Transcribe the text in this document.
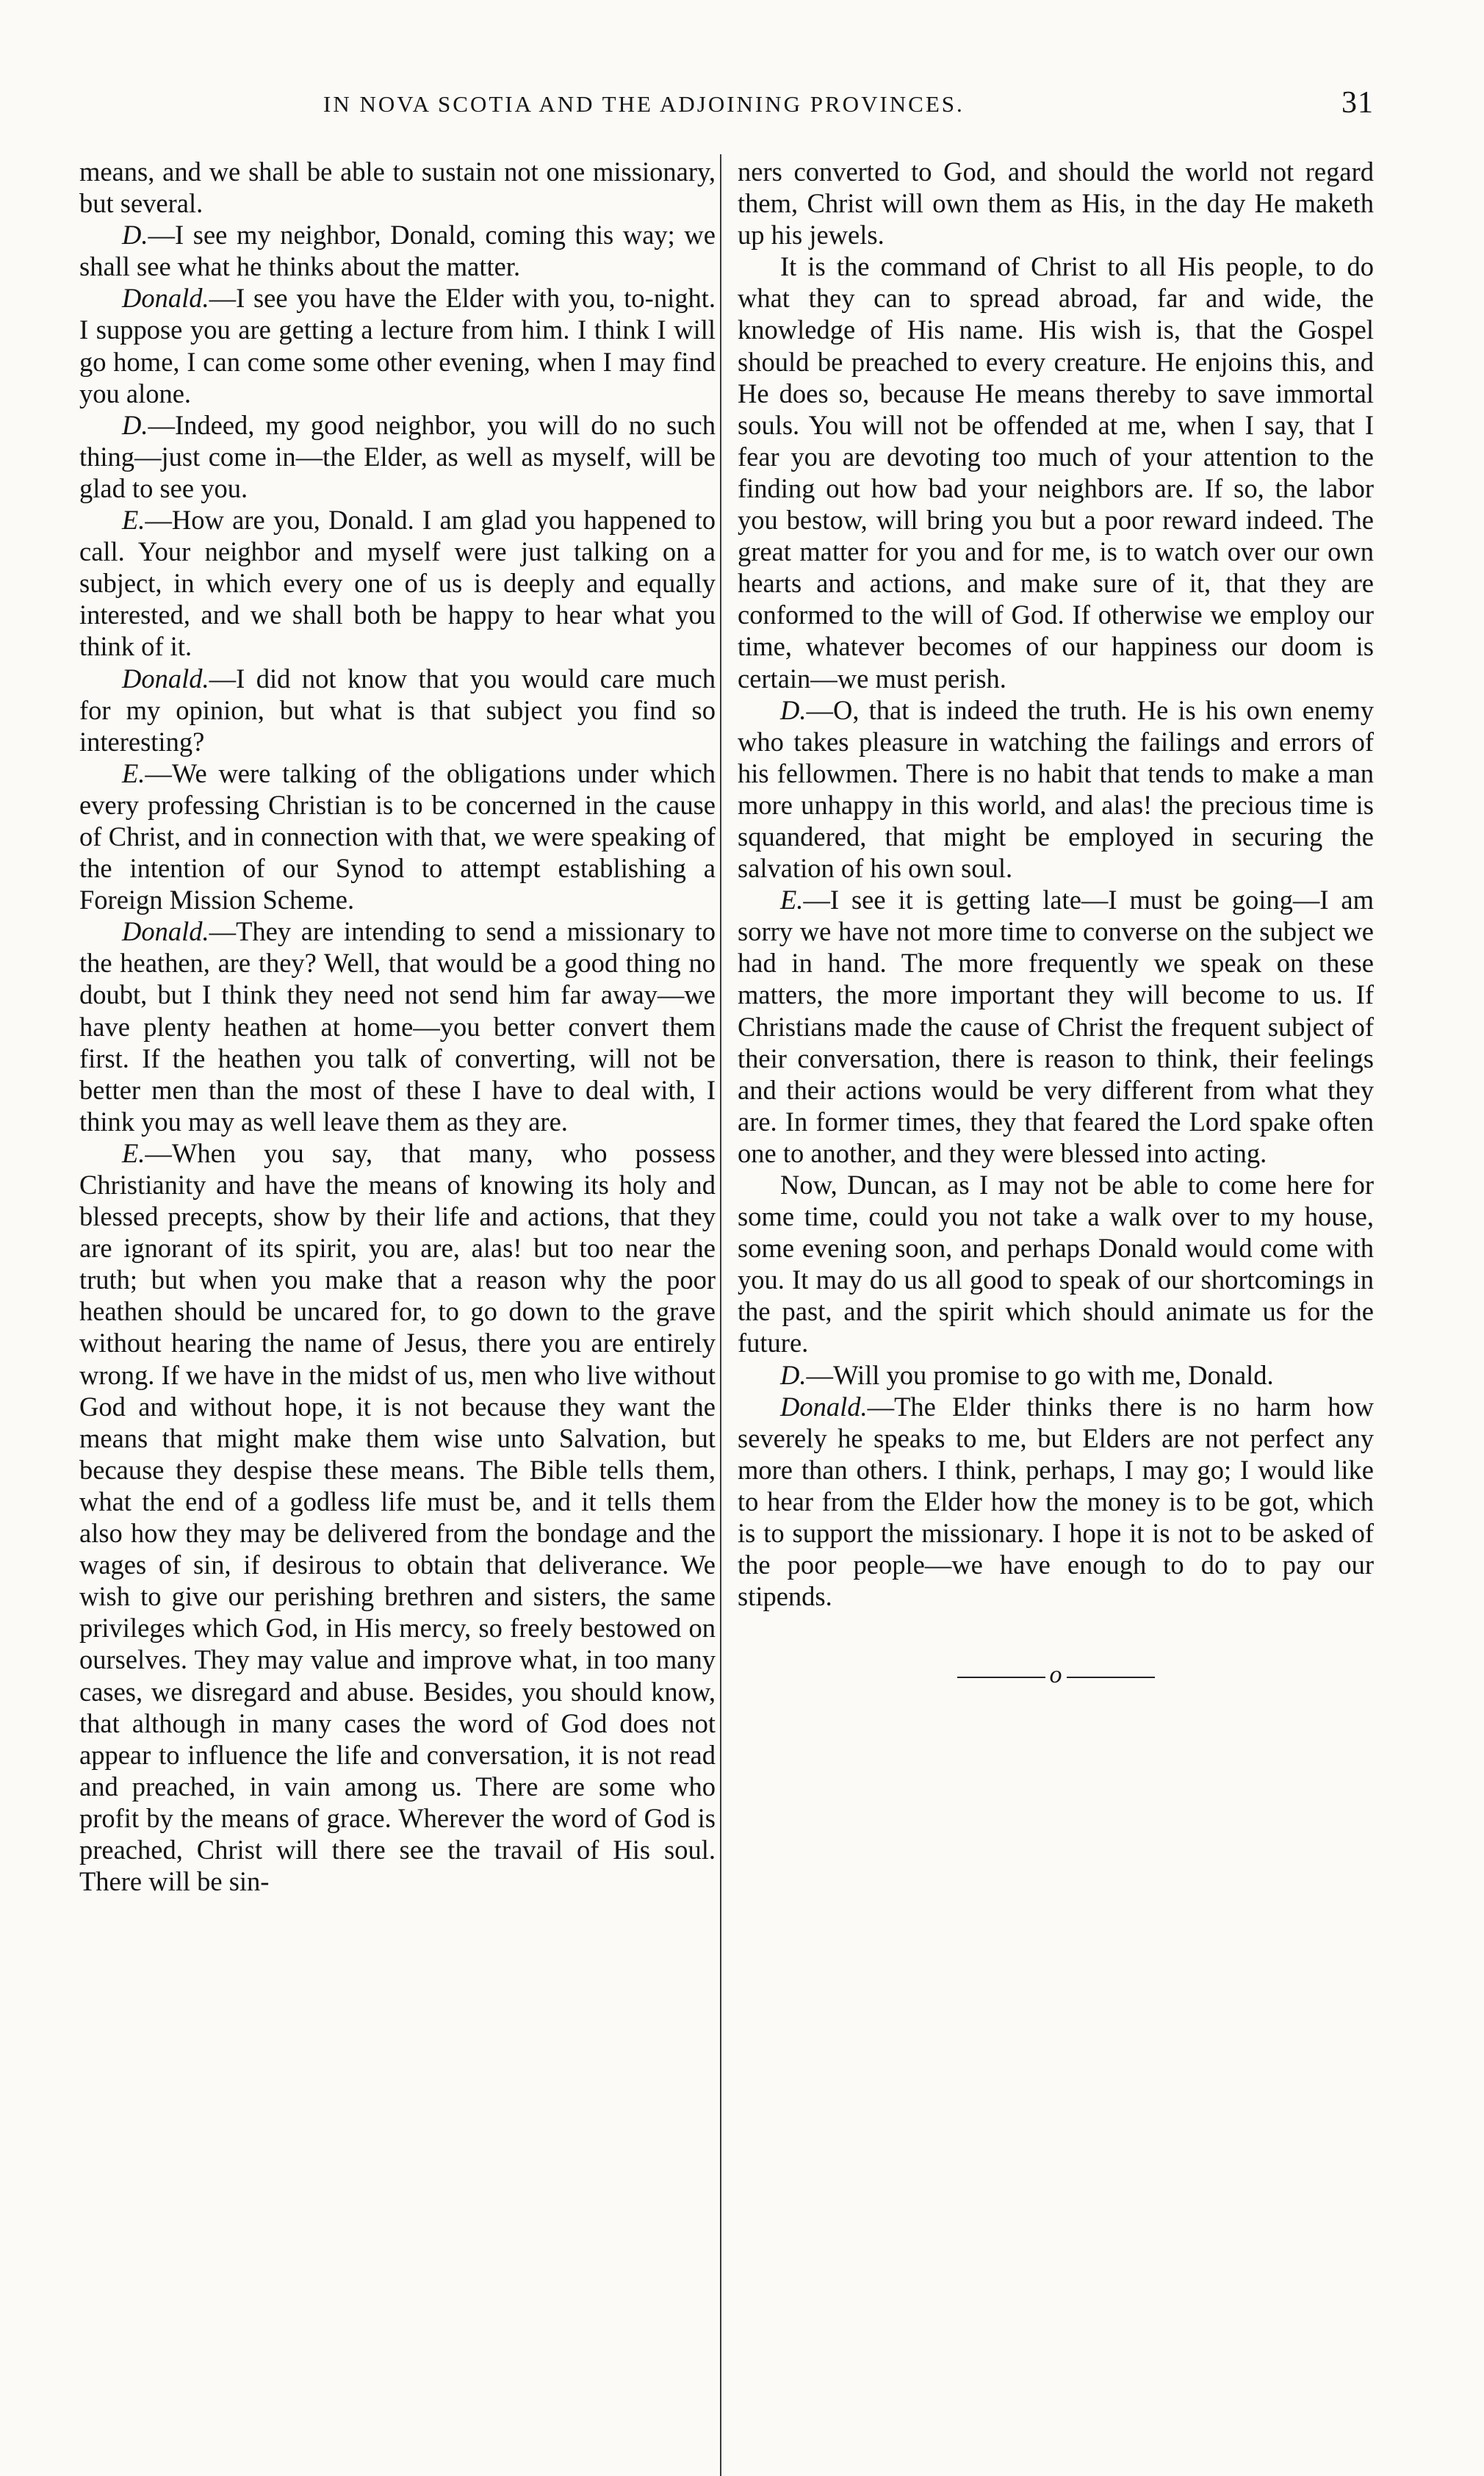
IN NOVA SCOTIA AND THE ADJOINING PROVINCES.	31

means, and we shall be able to sustain not one missionary, but several.

D.—I see my neighbor, Donald, coming this way; we shall see what he thinks about the matter.

Donald.—I see you have the Elder with you, to-night. I suppose you are getting a lecture from him. I think I will go home, I can come some other evening, when I may find you alone.

D.—Indeed, my good neighbor, you will do no such thing—just come in—the Elder, as well as myself, will be glad to see you.

E.—How are you, Donald. I am glad you happened to call. Your neighbor and myself were just talking on a subject, in which every one of us is deeply and equally interested, and we shall both be happy to hear what you think of it.

Donald.—I did not know that you would care much for my opinion, but what is that subject you find so interesting?

E.—We were talking of the obligations under which every professing Christian is to be concerned in the cause of Christ, and in connection with that, we were speaking of the intention of our Synod to attempt establishing a Foreign Mission Scheme.

Donald.—They are intending to send a missionary to the heathen, are they? Well, that would be a good thing no doubt, but I think they need not send him far away—we have plenty heathen at home—you better convert them first. If the heathen you talk of converting, will not be better men than the most of these I have to deal with, I think you may as well leave them as they are.

E.—When you say, that many, who possess Christianity and have the means of knowing its holy and blessed precepts, show by their life and actions, that they are ignorant of its spirit, you are, alas! but too near the truth; but when you make that a reason why the poor heathen should be uncared for, to go down to the grave without hearing the name of Jesus, there you are entirely wrong. If we have in the midst of us, men who live without God and without hope, it is not because they want the means that might make them wise unto Salvation, but because they despise these means. The Bible tells them, what the end of a godless life must be, and it tells them also how they may be delivered from the bondage and the wages of sin, if desirous to obtain that deliverance. We wish to give our perishing brethren and sisters, the same privileges which God, in His mercy, so freely bestowed on ourselves. They may value and improve what, in too many cases, we disregard and abuse. Besides, you should know, that although in many cases the word of God does not appear to influence the life and conversation, it is not read and preached, in vain among us. There are some who profit by the means of grace. Wherever the word of God is preached, Christ will there see the travail of His soul. There will be sin-

ners converted to God, and should the world not regard them, Christ will own them as His, in the day He maketh up his jewels.

It is the command of Christ to all His people, to do what they can to spread abroad, far and wide, the knowledge of His name. His wish is, that the Gospel should be preached to every creature. He enjoins this, and He does so, because He means thereby to save immortal souls. You will not be offended at me, when I say, that I fear you are devoting too much of your attention to the finding out how bad your neighbors are. If so, the labor you bestow, will bring you but a poor reward indeed. The great matter for you and for me, is to watch over our own hearts and actions, and make sure of it, that they are conformed to the will of God. If otherwise we employ our time, whatever becomes of our happiness our doom is certain—we must perish.

D.—O, that is indeed the truth. He is his own enemy who takes pleasure in watching the failings and errors of his fellowmen. There is no habit that tends to make a man more unhappy in this world, and alas! the precious time is squandered, that might be employed in securing the salvation of his own soul.

E.—I see it is getting late—I must be going—I am sorry we have not more time to converse on the subject we had in hand. The more frequently we speak on these matters, the more important they will become to us. If Christians made the cause of Christ the frequent subject of their conversation, there is reason to think, their feelings and their actions would be very different from what they are. In former times, they that feared the Lord spake often one to another, and they were blessed into acting.

Now, Duncan, as I may not be able to come here for some time, could you not take a walk over to my house, some evening soon, and perhaps Donald would come with you. It may do us all good to speak of our shortcomings in the past, and the spirit which should animate us for the future.

D.—Will you promise to go with me, Donald.

Donald.—The Elder thinks there is no harm how severely he speaks to me, but Elders are not perfect any more than others. I think, perhaps, I may go; I would like to hear from the Elder how the money is to be got, which is to support the missionary. I hope it is not to be asked of the poor people—we have enough to do to pay our stipends.

o
